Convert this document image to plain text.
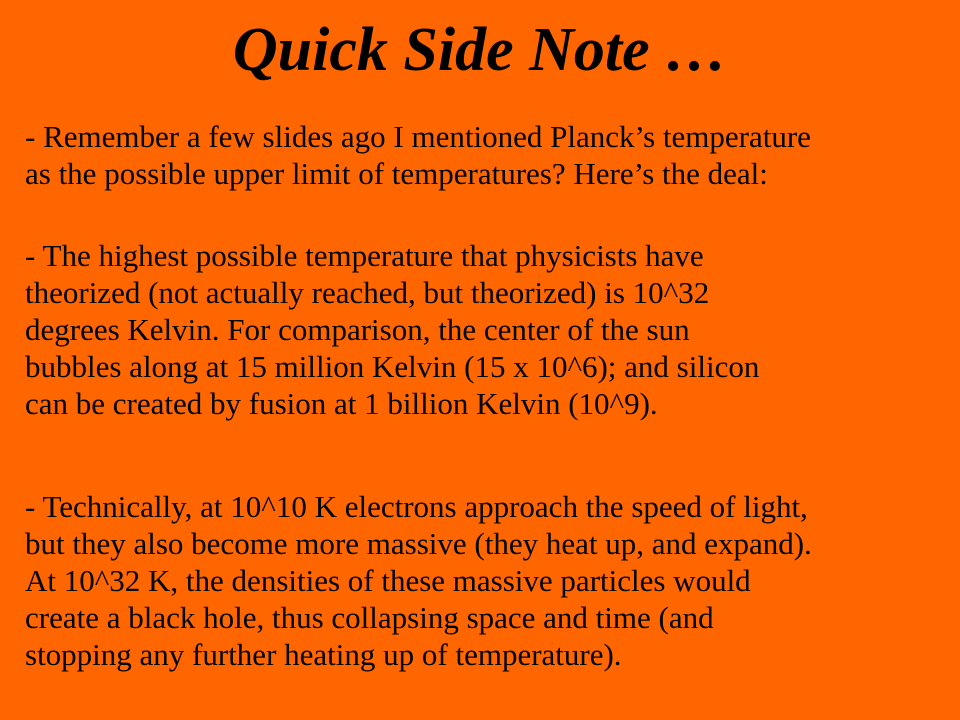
Quick Side Note …
- Remember a few slides ago I mentioned Planck’s temperature
as the possible upper limit of temperatures? Here’s the deal:
- The highest possible temperature that physicists have
theorized (not actually reached, but theorized) is 10^32
degrees Kelvin. For comparison, the center of the sun
bubbles along at 15 million Kelvin (15 x 10^6); and silicon
can be created by fusion at 1 billion Kelvin (10^9).
- Technically, at 10^10 K electrons approach the speed of light,
but they also become more massive (they heat up, and expand).
At 10^32 K, the densities of these massive particles would
create a black hole, thus collapsing space and time (and
stopping any further heating up of temperature).
